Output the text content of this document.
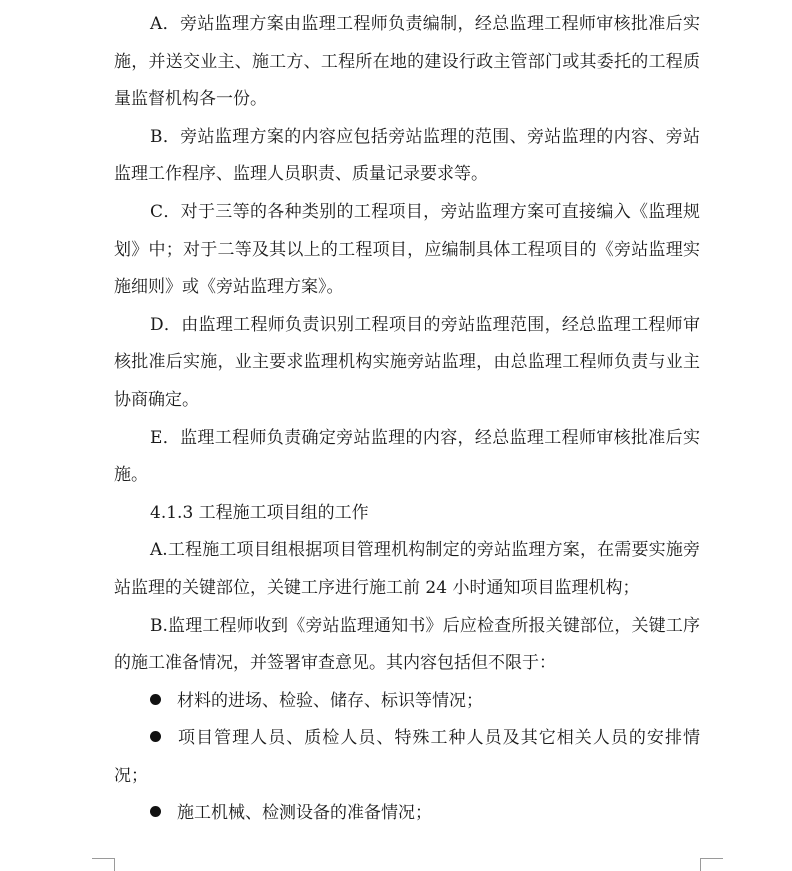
A．旁站监理方案由监理工程师负责编制，经总监理工程师审核批准后实施，并送交业主、施工方、工程所在地的建设行政主管部门或其委托的工程质量监督机构各一份。

B．旁站监理方案的内容应包括旁站监理的范围、旁站监理的内容、旁站监理工作程序、监理人员职责、质量记录要求等。

C．对于三等的各种类别的工程项目，旁站监理方案可直接编入《监理规划》中；对于二等及其以上的工程项目，应编制具体工程项目的《旁站监理实施细则》或《旁站监理方案》。

D．由监理工程师负责识别工程项目的旁站监理范围，经总监理工程师审核批准后实施，业主要求监理机构实施旁站监理，由总监理工程师负责与业主协商确定。

E．监理工程师负责确定旁站监理的内容，经总监理工程师审核批准后实施。

4.1.3 工程施工项目组的工作

A.工程施工项目组根据项目管理机构制定的旁站监理方案，在需要实施旁站监理的关键部位，关键工序进行施工前 24 小时通知项目监理机构；

B.监理工程师收到《旁站监理通知书》后应检查所报关键部位，关键工序的施工准备情况，并签署审查意见。其内容包括但不限于：

材料的进场、检验、储存、标识等情况；

项目管理人员、质检人员、特殊工种人员及其它相关人员的安排情况；

施工机械、检测设备的准备情况；
